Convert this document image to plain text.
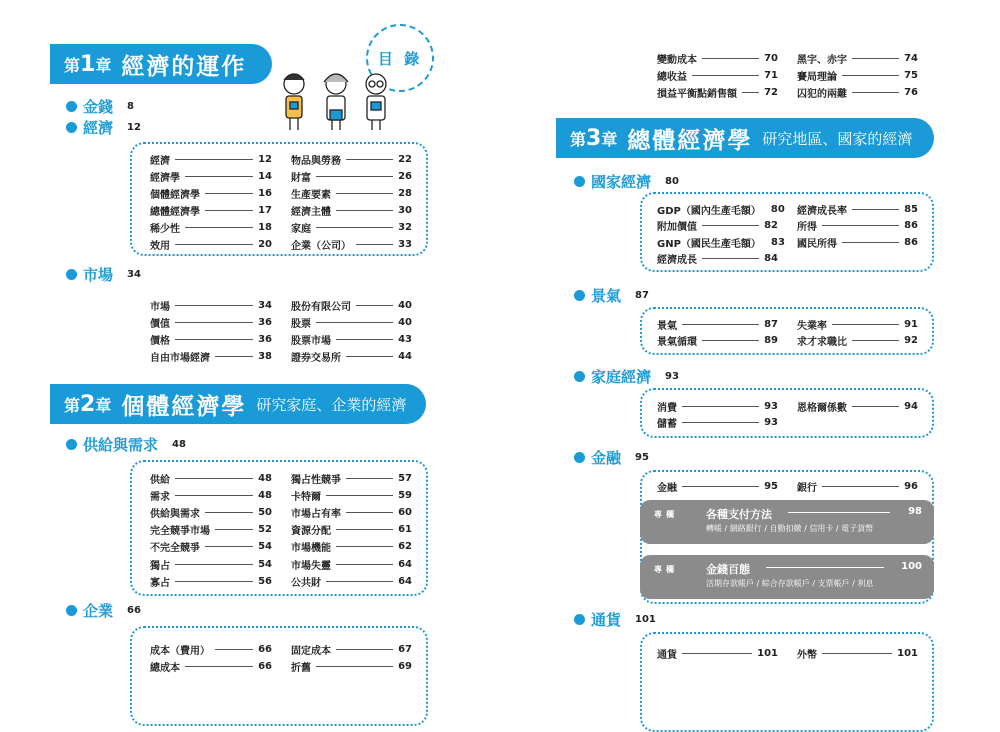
第1章 經濟的運作	目 錄
金錢 8
經濟 12
市場 34
第2章 個體經濟學 研究家庭、企業的經濟
供給與需求 48
企業 66
第3章 總體經濟學 研究地區、國家的經濟
國家經濟 80
景氣 87
家庭經濟 93
金融 95
專欄	各種支付方法	98
轉帳 / 網路銀行 / 自動扣繳 / 信用卡 / 電子貨幣
專欄	金錢百態	100
活期存款帳戶 / 綜合存款帳戶 / 支票帳戶 / 利息
通貨 101
經濟	12
經濟學	14
個體經濟學	16
總體經濟學	17
稀少性	18
效用	20
物品與勞務	22
財富	26
生產要素	28
經濟主體	30
家庭	32
企業（公司）	33
市場	34
價值	36
價格	36
自由市場經濟	38
股份有限公司	40
股票	40
股票市場	43
證券交易所	44
供給	48
需求	48
供給與需求	50
完全競爭市場	52
不完全競爭	54
獨占	54
寡占	56
獨占性競爭	57
卡特爾	59
市場占有率	60
資源分配	61
市場機能	62
市場失靈	64
公共財	64
成本（費用）	66
總成本	66
固定成本	67
折舊	69
變動成本	70
總收益	71
損益平衡點銷售額	72
黑字、赤字	74
賽局理論	75
囚犯的兩難	76
GDP（國內生產毛額） 80
附加價值	82
GNP（國民生產毛額） 83
經濟成長	84
經濟成長率	85
所得	86
國民所得	86
景氣	87
景氣循環	89
失業率	91
求才求職比	92
消費	93
儲蓄	93
恩格爾係數	94
金融	95 銀行	96
通貨	101 外幣	101
